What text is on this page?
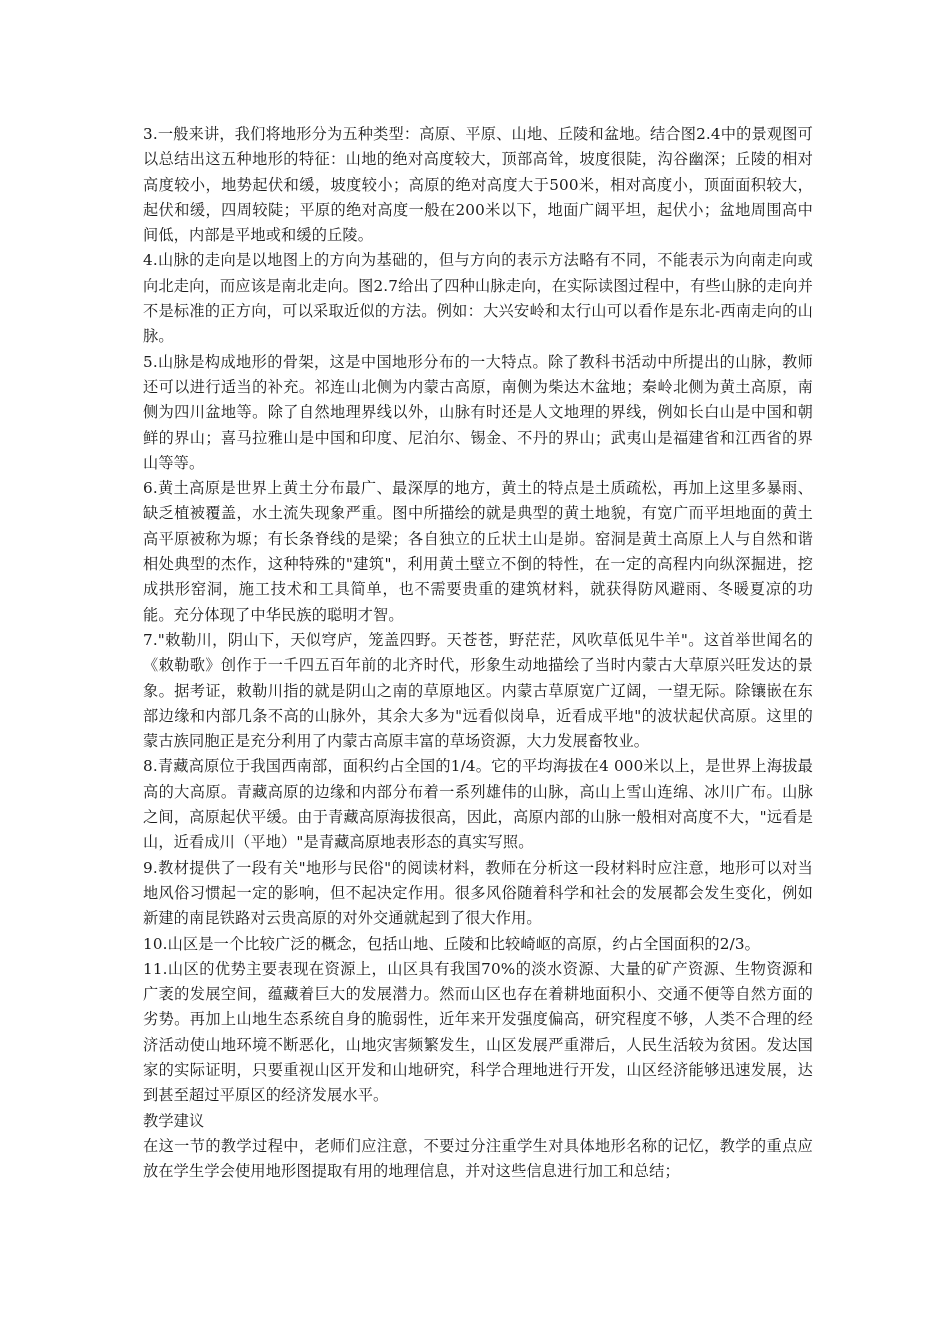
3.一般来讲，我们将地形分为五种类型：高原、平原、山地、丘陵和盆地。结合图2.4中的景观图可以总结出这五种地形的特征：山地的绝对高度较大，顶部高耸，坡度很陡，沟谷幽深；丘陵的相对高度较小，地势起伏和缓，坡度较小；高原的绝对高度大于500米，相对高度小，顶面面积较大，起伏和缓，四周较陡；平原的绝对高度一般在200米以下，地面广阔平坦，起伏小；盆地周围高中间低，内部是平地或和缓的丘陵。

4.山脉的走向是以地图上的方向为基础的，但与方向的表示方法略有不同，不能表示为向南走向或向北走向，而应该是南北走向。图2.7给出了四种山脉走向，在实际读图过程中，有些山脉的走向并不是标准的正方向，可以采取近似的方法。例如：大兴安岭和太行山可以看作是东北-西南走向的山脉。

5.山脉是构成地形的骨架，这是中国地形分布的一大特点。除了教科书活动中所提出的山脉，教师还可以进行适当的补充。祁连山北侧为内蒙古高原，南侧为柴达木盆地；秦岭北侧为黄土高原，南侧为四川盆地等。除了自然地理界线以外，山脉有时还是人文地理的界线，例如长白山是中国和朝鲜的界山；喜马拉雅山是中国和印度、尼泊尔、锡金、不丹的界山；武夷山是福建省和江西省的界山等等。

6.黄土高原是世界上黄土分布最广、最深厚的地方，黄土的特点是土质疏松，再加上这里多暴雨、缺乏植被覆盖，水土流失现象严重。图中所描绘的就是典型的黄土地貌，有宽广而平坦地面的黄土高平原被称为塬；有长条脊线的是梁；各自独立的丘状土山是峁。窑洞是黄土高原上人与自然和谐相处典型的杰作，这种特殊的"建筑"，利用黄土壁立不倒的特性，在一定的高程内向纵深掘进，挖成拱形窑洞，施工技术和工具简单，也不需要贵重的建筑材料，就获得防风避雨、冬暖夏凉的功能。充分体现了中华民族的聪明才智。

7."敕勒川，阴山下，天似穹庐，笼盖四野。天苍苍，野茫茫，风吹草低见牛羊"。这首举世闻名的《敕勒歌》创作于一千四五百年前的北齐时代，形象生动地描绘了当时内蒙古大草原兴旺发达的景象。据考证，敕勒川指的就是阴山之南的草原地区。内蒙古草原宽广辽阔，一望无际。除镶嵌在东部边缘和内部几条不高的山脉外，其余大多为"远看似岗阜，近看成平地"的波状起伏高原。这里的蒙古族同胞正是充分利用了内蒙古高原丰富的草场资源，大力发展畜牧业。

8.青藏高原位于我国西南部，面积约占全国的1/4。它的平均海拔在4 000米以上，是世界上海拔最高的大高原。青藏高原的边缘和内部分布着一系列雄伟的山脉，高山上雪山连绵、冰川广布。山脉之间，高原起伏平缓。由于青藏高原海拔很高，因此，高原内部的山脉一般相对高度不大，"远看是山，近看成川（平地）"是青藏高原地表形态的真实写照。

9.教材提供了一段有关"地形与民俗"的阅读材料，教师在分析这一段材料时应注意，地形可以对当地风俗习惯起一定的影响，但不起决定作用。很多风俗随着科学和社会的发展都会发生变化，例如新建的南昆铁路对云贵高原的对外交通就起到了很大作用。

10.山区是一个比较广泛的概念，包括山地、丘陵和比较崎岖的高原，约占全国面积的2/3。

11.山区的优势主要表现在资源上，山区具有我国70%的淡水资源、大量的矿产资源、生物资源和广袤的发展空间，蕴藏着巨大的发展潜力。然而山区也存在着耕地面积小、交通不便等自然方面的劣势。再加上山地生态系统自身的脆弱性，近年来开发强度偏高，研究程度不够，人类不合理的经济活动使山地环境不断恶化，山地灾害频繁发生，山区发展严重滞后，人民生活较为贫困。发达国家的实际证明，只要重视山区开发和山地研究，科学合理地进行开发，山区经济能够迅速发展，达到甚至超过平原区的经济发展水平。

教学建议

在这一节的教学过程中，老师们应注意，不要过分注重学生对具体地形名称的记忆，教学的重点应放在学生学会使用地形图提取有用的地理信息，并对这些信息进行加工和总结；
